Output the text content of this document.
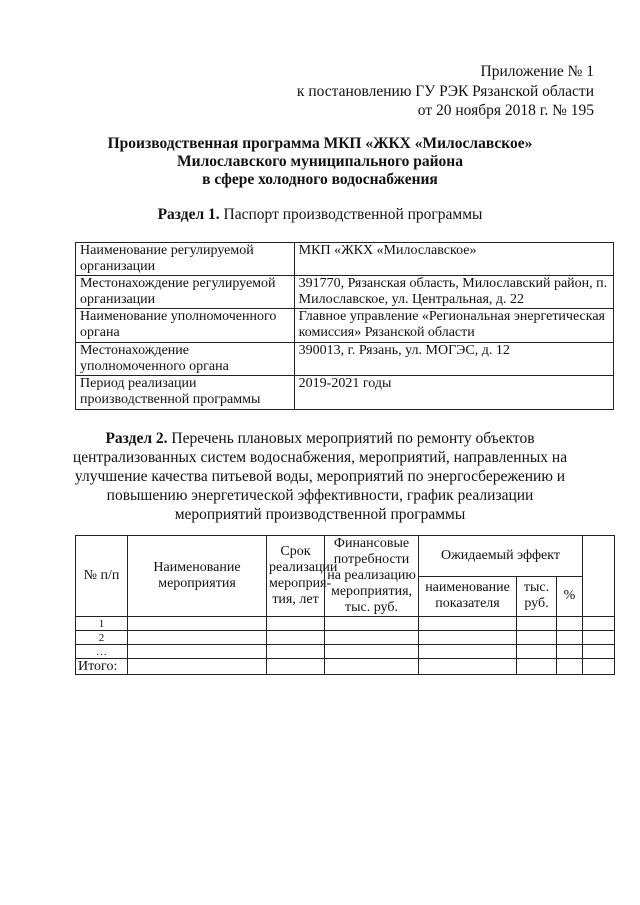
Приложение № 1
к постановлению ГУ РЭК Рязанской области
от 20 ноября 2018 г. № 195
Производственная программа МКП «ЖКХ «Милославское»
Милославского муниципального района
в сфере холодного водоснабжения
Раздел 1. Паспорт производственной программы
Наименование регулируемой организации	МКП «ЖКХ «Милославское»
Местонахождение регулируемой организации	391770, Рязанская область, Милославский район, п. Милославское, ул. Центральная, д. 22
Наименование уполномоченного органа	Главное управление «Региональная энергетическая комиссия» Рязанской области
Местонахождение уполномоченного органа	390013, г. Рязань, ул. МОГЭС, д. 12
Период реализации производственной программы	2019-2021 годы
Раздел 2. Перечень плановых мероприятий по ремонту объектов
централизованных систем водоснабжения, мероприятий, направленных на
улучшение качества питьевой воды, мероприятий по энергосбережению и
повышению энергетической эффективности, график реализации
мероприятий производственной программы
№ п/п	Наименование мероприятия	Срок реализации мероприя-тия, лет	Финансовые потребности на реализацию мероприятия, тыс. руб.	Ожидаемый эффект			
				наименование показателя	тыс. руб.	%	
1							
2							
…							
Итого:							
